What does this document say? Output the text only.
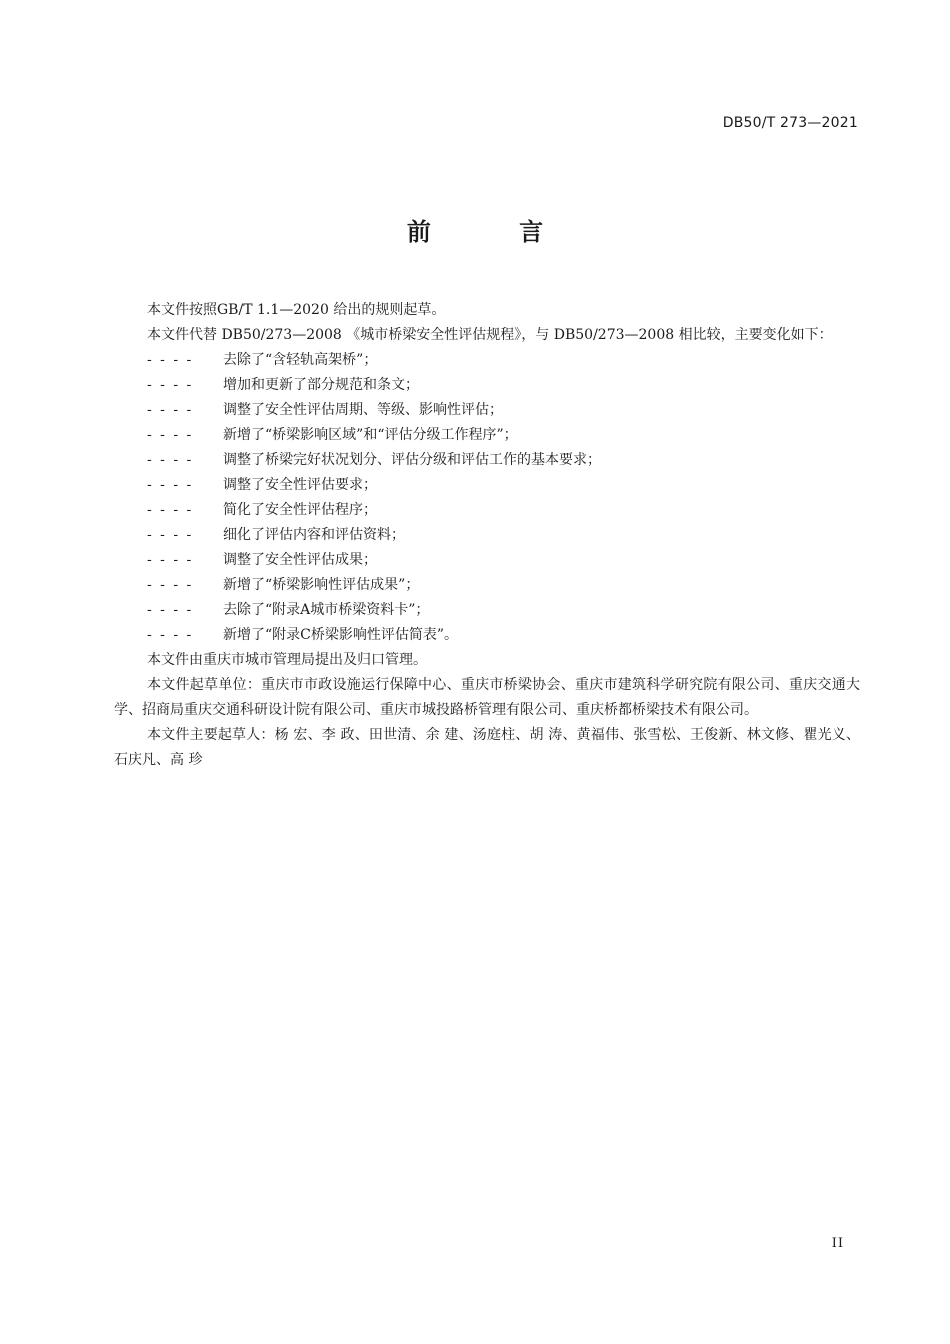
DB50/T 273—2021
前 言

本文件按照GB/T 1.1—2020 给出的规则起草。

本文件代替 DB50/273—2008 《城市桥梁安全性评估规程》，与 DB50/273—2008 相比较，主要变化如下：

- - - -	去除了“含轻轨高架桥”；
- - - -	增加和更新了部分规范和条文；
- - - -	调整了安全性评估周期、等级、影响性评估；
- - - -	新增了“桥梁影响区域”和“评估分级工作程序”；
- - - -	调整了桥梁完好状况划分、评估分级和评估工作的基本要求；
- - - -	调整了安全性评估要求；
- - - -	简化了安全性评估程序；
- - - -	细化了评估内容和评估资料；
- - - -	调整了安全性评估成果；
- - - -	新增了“桥梁影响性评估成果”；
- - - -	去除了“附录A城市桥梁资料卡”；
- - - -	新增了“附录C桥梁影响性评估简表”。

本文件由重庆市城市管理局提出及归口管理。

本文件起草单位：重庆市市政设施运行保障中心、重庆市桥梁协会、重庆市建筑科学研究院有限公司、重庆交通大学、招商局重庆交通科研设计院有限公司、重庆市城投路桥管理有限公司、重庆桥都桥梁技术有限公司。

本文件主要起草人：杨 宏、李 政、田世清、余 建、汤庭柱、胡 涛、黄福伟、张雪松、王俊新、林文修、瞿光义、石庆凡、高 珍

II
